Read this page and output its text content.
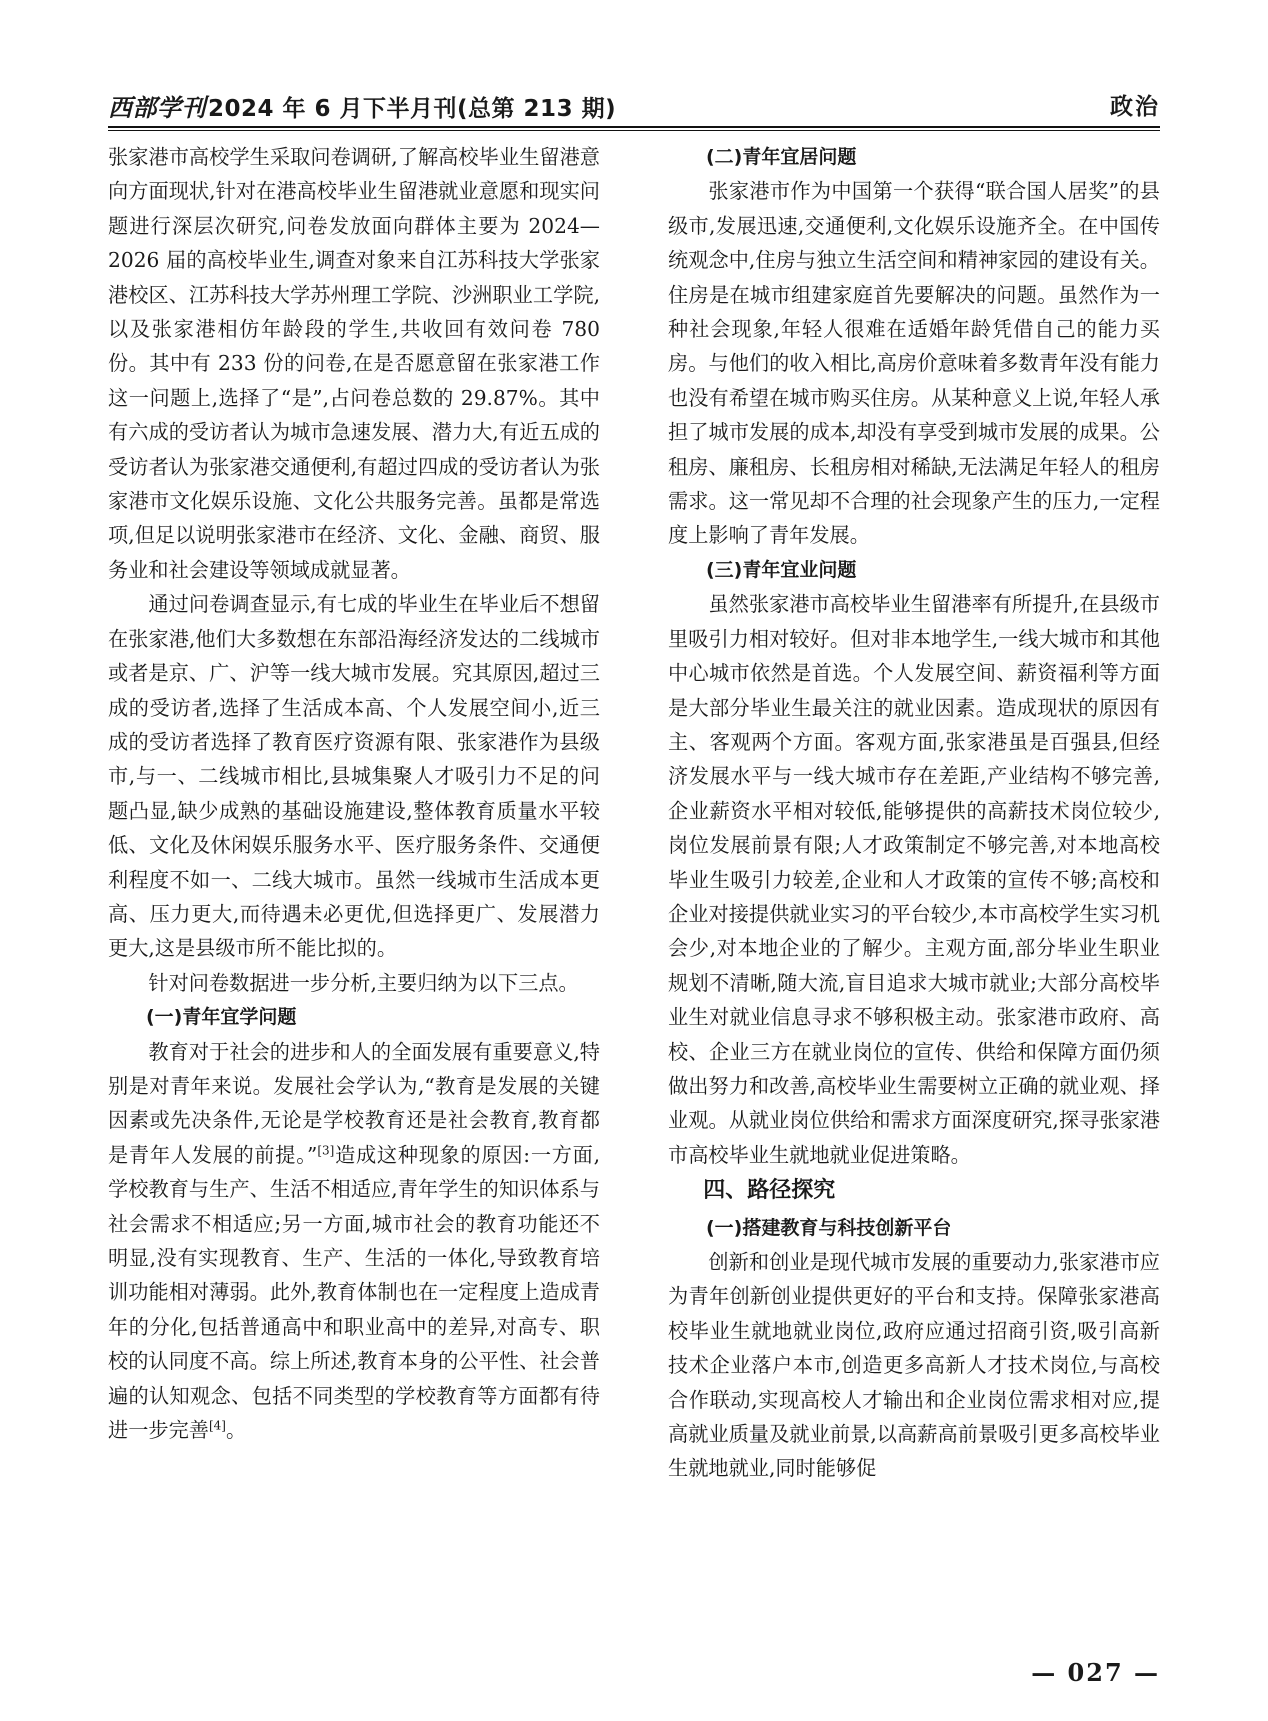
西部学刊2024 年 6 月下半月刊(总第 213 期)	政治

张家港市高校学生采取问卷调研,了解高校毕业生留港意向方面现状,针对在港高校毕业生留港就业意愿和现实问题进行深层次研究,问卷发放面向群体主要为 2024—2026 届的高校毕业生,调查对象来自江苏科技大学张家港校区、江苏科技大学苏州理工学院、沙洲职业工学院,以及张家港相仿年龄段的学生,共收回有效问卷 780 份。其中有 233 份的问卷,在是否愿意留在张家港工作这一问题上,选择了“是”,占问卷总数的 29.87%。其中有六成的受访者认为城市急速发展、潜力大,有近五成的受访者认为张家港交通便利,有超过四成的受访者认为张家港市文化娱乐设施、文化公共服务完善。虽都是常选项,但足以说明张家港市在经济、文化、金融、商贸、服务业和社会建设等领域成就显著。

通过问卷调查显示,有七成的毕业生在毕业后不想留在张家港,他们大多数想在东部沿海经济发达的二线城市或者是京、广、沪等一线大城市发展。究其原因,超过三成的受访者,选择了生活成本高、个人发展空间小,近三成的受访者选择了教育医疗资源有限、张家港作为县级市,与一、二线城市相比,县城集聚人才吸引力不足的问题凸显,缺少成熟的基础设施建设,整体教育质量水平较低、文化及休闲娱乐服务水平、医疗服务条件、交通便利程度不如一、二线大城市。虽然一线城市生活成本更高、压力更大,而待遇未必更优,但选择更广、发展潜力更大,这是县级市所不能比拟的。

针对问卷数据进一步分析,主要归纳为以下三点。

(一)青年宜学问题

教育对于社会的进步和人的全面发展有重要意义,特别是对青年来说。发展社会学认为,“教育是发展的关键因素或先决条件,无论是学校教育还是社会教育,教育都是青年人发展的前提。”[3]造成这种现象的原因:一方面,学校教育与生产、生活不相适应,青年学生的知识体系与社会需求不相适应;另一方面,城市社会的教育功能还不明显,没有实现教育、生产、生活的一体化,导致教育培训功能相对薄弱。此外,教育体制也在一定程度上造成青年的分化,包括普通高中和职业高中的差异,对高专、职校的认同度不高。综上所述,教育本身的公平性、社会普遍的认知观念、包括不同类型的学校教育等方面都有待进一步完善[4]。

(二)青年宜居问题

张家港市作为中国第一个获得“联合国人居奖”的县级市,发展迅速,交通便利,文化娱乐设施齐全。在中国传统观念中,住房与独立生活空间和精神家园的建设有关。住房是在城市组建家庭首先要解决的问题。虽然作为一种社会现象,年轻人很难在适婚年龄凭借自己的能力买房。与他们的收入相比,高房价意味着多数青年没有能力也没有希望在城市购买住房。从某种意义上说,年轻人承担了城市发展的成本,却没有享受到城市发展的成果。公租房、廉租房、长租房相对稀缺,无法满足年轻人的租房需求。这一常见却不合理的社会现象产生的压力,一定程度上影响了青年发展。

(三)青年宜业问题

虽然张家港市高校毕业生留港率有所提升,在县级市里吸引力相对较好。但对非本地学生,一线大城市和其他中心城市依然是首选。个人发展空间、薪资福利等方面是大部分毕业生最关注的就业因素。造成现状的原因有主、客观两个方面。客观方面,张家港虽是百强县,但经济发展水平与一线大城市存在差距,产业结构不够完善,企业薪资水平相对较低,能够提供的高薪技术岗位较少,岗位发展前景有限;人才政策制定不够完善,对本地高校毕业生吸引力较差,企业和人才政策的宣传不够;高校和企业对接提供就业实习的平台较少,本市高校学生实习机会少,对本地企业的了解少。主观方面,部分毕业生职业规划不清晰,随大流,盲目追求大城市就业;大部分高校毕业生对就业信息寻求不够积极主动。张家港市政府、高校、企业三方在就业岗位的宣传、供给和保障方面仍须做出努力和改善,高校毕业生需要树立正确的就业观、择业观。从就业岗位供给和需求方面深度研究,探寻张家港市高校毕业生就地就业促进策略。

四、路径探究
(一)搭建教育与科技创新平台

创新和创业是现代城市发展的重要动力,张家港市应为青年创新创业提供更好的平台和支持。保障张家港高校毕业生就地就业岗位,政府应通过招商引资,吸引高新技术企业落户本市,创造更多高新人才技术岗位,与高校合作联动,实现高校人才输出和企业岗位需求相对应,提高就业质量及就业前景,以高薪高前景吸引更多高校毕业生就地就业,同时能够促

— 027 —
